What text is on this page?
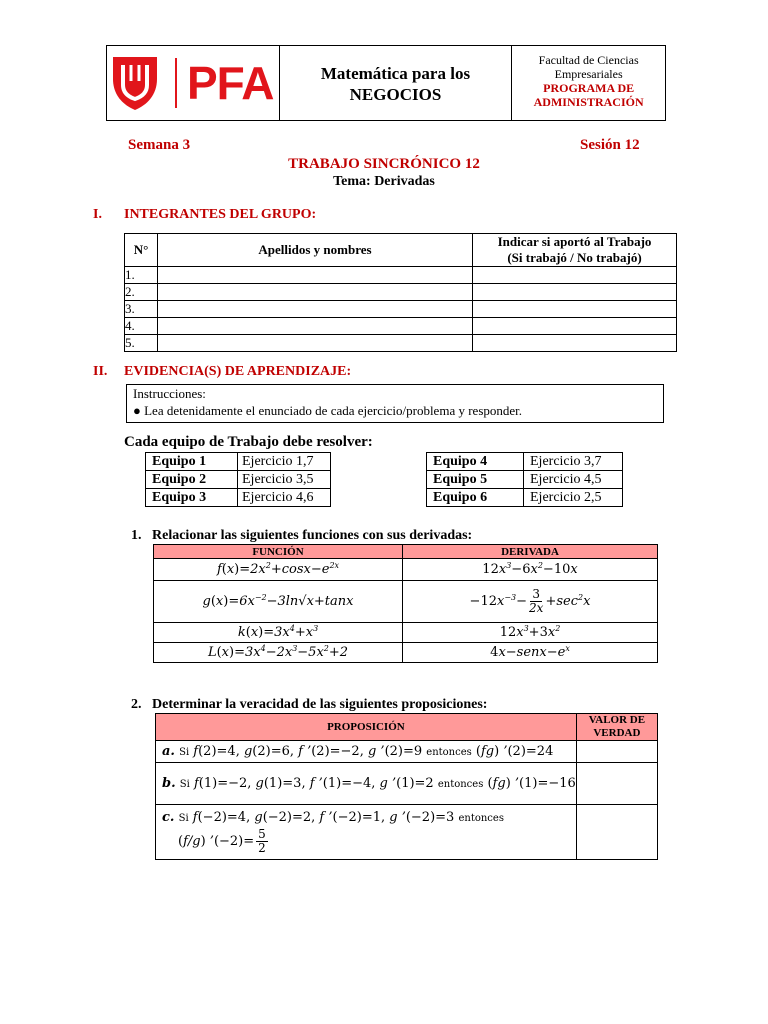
PFA	Matemática para los
NEGOCIOS
Facultad de Ciencias
Empresariales
PROGRAMA DE
ADMINISTRACIÓN
Semana 3	Sesión 12
TRABAJO SINCRÓNICO 12
Tema: Derivadas
I. INTEGRANTES DEL GRUPO:
N°	Apellidos y nombres	Indicar si aportó al Trabajo
(Si trabajó / No trabajó)

1.		
2.		
3.		
4.		
5.		
II. EVIDENCIA(S) DE APRENDIZAJE:
Instrucciones:
● Lea detenidamente el enunciado de cada ejercicio/problema y responder.
Cada equipo de Trabajo debe resolver:
Equipo 1	Ejercicio 1,7
Equipo 2	Ejercicio 3,5
Equipo 3	Ejercicio 4,6
Equipo 4	Ejercicio 3,7
Equipo 5	Ejercicio 4,5
Equipo 6	Ejercicio 2,5
1. Relacionar las siguientes funciones con sus derivadas:
FUNCIÓN	DERIVADA
$f(x)=2x^2+\cos x-e^{2x}$	$12x^3-6x^2-10x$
$g(x)=6x^{-2}-3\ln√x+\tan x$	$-12x^{-3}- \frac{3}{2x} +\sec^2x$
$k(x)=3x^4+x^3$	$12x^3+3x^2$
$L(x)=3x^4-2x^3-5x^2+2$	$4x-senx-e^x$
2. Determinar la veracidad de las siguientes proposiciones:
PROPOSICIÓN	VALOR DE
VERDAD

a. Si f(2)=4, g(2)=6, f ’(2)=−2, g ’(2)=9 entonces (fg) ’(2)=24	
b. Si f(1)=−2, g(1)=3, f ’(1)=−4, g ’(1)=2 entonces (fg) ’(1)=−16	

c. Si f(−2)=4, g(−2)=2, f ’(−2)=1, g ’(−2)=3 entonces
(f/g) ’(−2)= $\frac{5}{2}$
